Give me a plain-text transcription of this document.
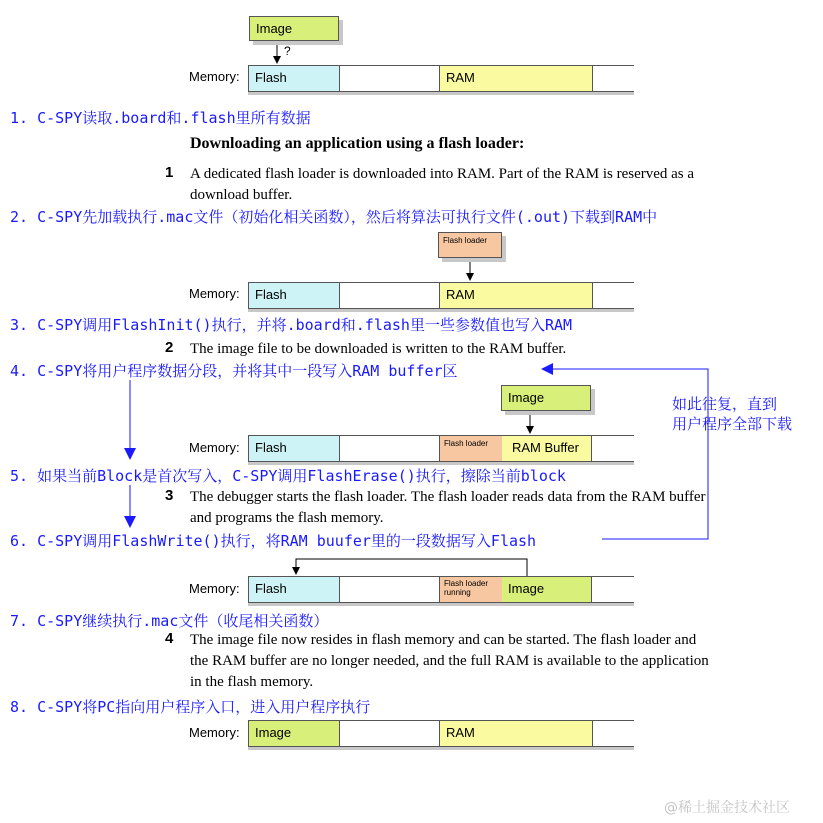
Image
?
Memory: Flash	RAM
1. C-SPY读取.board和.flash里所有数据
Downloading an application using a flash loader:
1 A dedicated flash loader is downloaded into RAM. Part of the RAM is reserved as a
download buffer.
2. C-SPY先加载执行.mac文件（初始化相关函数），然后将算法可执行文件(.out)下载到RAM中
Flash loader
Memory: Flash	RAM
3. C-SPY调用FlashInit()执行，并将.board和.flash里一些参数值也写入RAM
2 The image file to be downloaded is written to the RAM buffer.
4. C-SPY将用户程序数据分段，并将其中一段写入RAM buffer区
如此往复，直到
用户程序全部下载
Image
Memory: Flash	Flash loader RAM Buffer
5. 如果当前Block是首次写入，C-SPY调用FlashErase()执行，擦除当前block
3 The debugger starts the flash loader. The flash loader reads data from the RAM buffer
and programs the flash memory.
6. C-SPY调用FlashWrite()执行，将RAM buufer里的一段数据写入Flash
Memory: Flash	Flash loader running	Image
7. C-SPY继续执行.mac文件（收尾相关函数）
4 The image file now resides in flash memory and can be started. The flash loader and
the RAM buffer are no longer needed, and the full RAM is available to the application
in the flash memory.
8. C-SPY将PC指向用户程序入口，进入用户程序执行
Memory: Image	RAM
@稀土掘金技术社区
